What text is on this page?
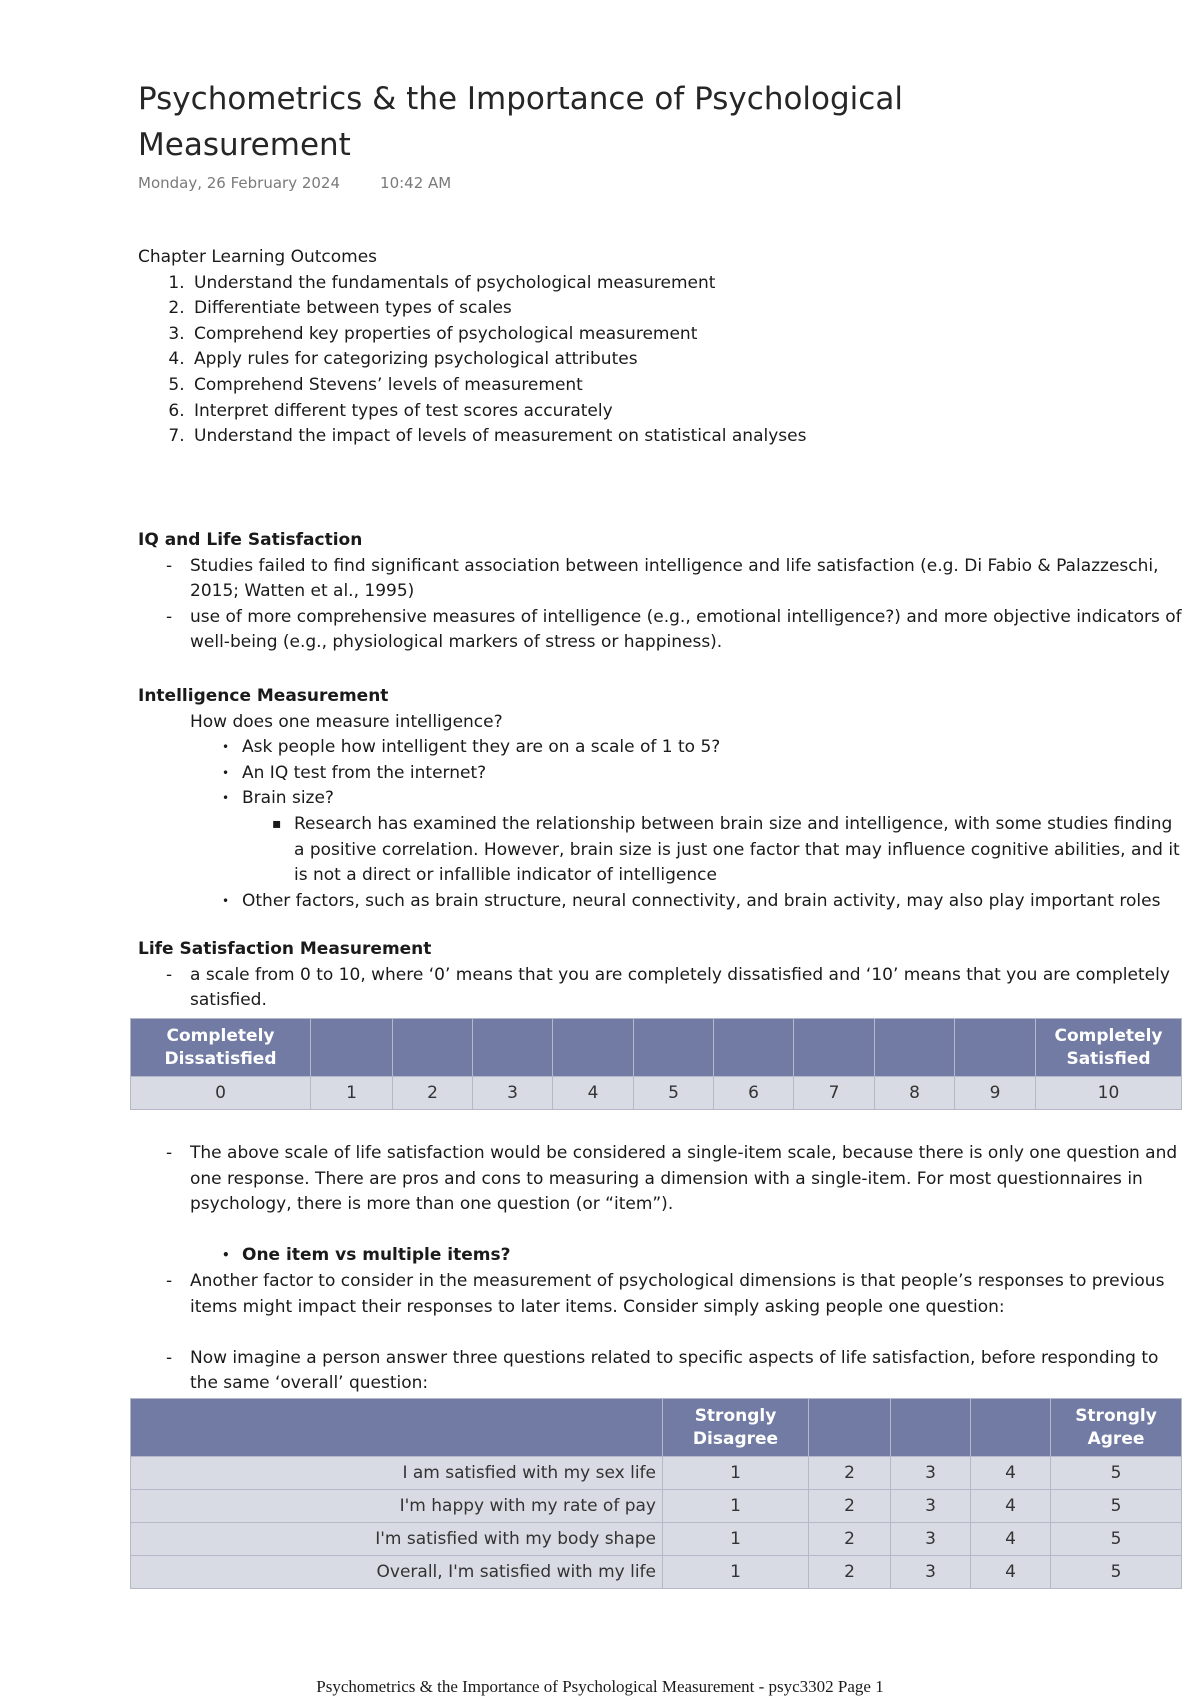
Psychometrics & the Importance of Psychological Measurement
Monday, 26 February 2024	10:42 AM
Chapter Learning Outcomes
1. Understand the fundamentals of psychological measurement
2. Differentiate between types of scales
3. Comprehend key properties of psychological measurement
4. Apply rules for categorizing psychological attributes
5. Comprehend Stevens’ levels of measurement
6. Interpret different types of test scores accurately
7. Understand the impact of levels of measurement on statistical analyses
IQ and Life Satisfaction
- Studies failed to find significant association between intelligence and life satisfaction (e.g. Di Fabio & Palazzeschi, 2015; Watten et al., 1995)
- use of more comprehensive measures of intelligence (e.g., emotional intelligence?) and more objective indicators of well-being (e.g., physiological markers of stress or happiness).
Intelligence Measurement
How does one measure intelligence?
• Ask people how intelligent they are on a scale of 1 to 5?
• An IQ test from the internet?
• Brain size?
▪ Research has examined the relationship between brain size and intelligence, with some studies finding a positive correlation. However, brain size is just one factor that may influence cognitive abilities, and it is not a direct or infallible indicator of intelligence
• Other factors, such as brain structure, neural connectivity, and brain activity, may also play important roles
Life Satisfaction Measurement
- a scale from 0 to 10, where ‘0’ means that you are completely dissatisfied and ‘10’ means that you are completely satisfied.
Completely Dissatisfied										Completely Satisfied
0	1	2	3	4	5	6	7	8	9	10
- The above scale of life satisfaction would be considered a single-item scale, because there is only one question and one response. There are pros and cons to measuring a dimension with a single-item. For most questionnaires in psychology, there is more than one question (or “item”).
• One item vs multiple items?
- Another factor to consider in the measurement of psychological dimensions is that people’s responses to previous items might impact their responses to later items. Consider simply asking people one question:
- Now imagine a person answer three questions related to specific aspects of life satisfaction, before responding to the same ‘overall’ question:
	Strongly Disagree				Strongly Agree
I am satisfied with my sex life	1	2	3	4	5
I'm happy with my rate of pay	1	2	3	4	5
I'm satisfied with my body shape	1	2	3	4	5
Overall, I'm satisfied with my life	1	2	3	4	5
Psychometrics & the Importance of Psychological Measurement - psyc3302 Page 1
